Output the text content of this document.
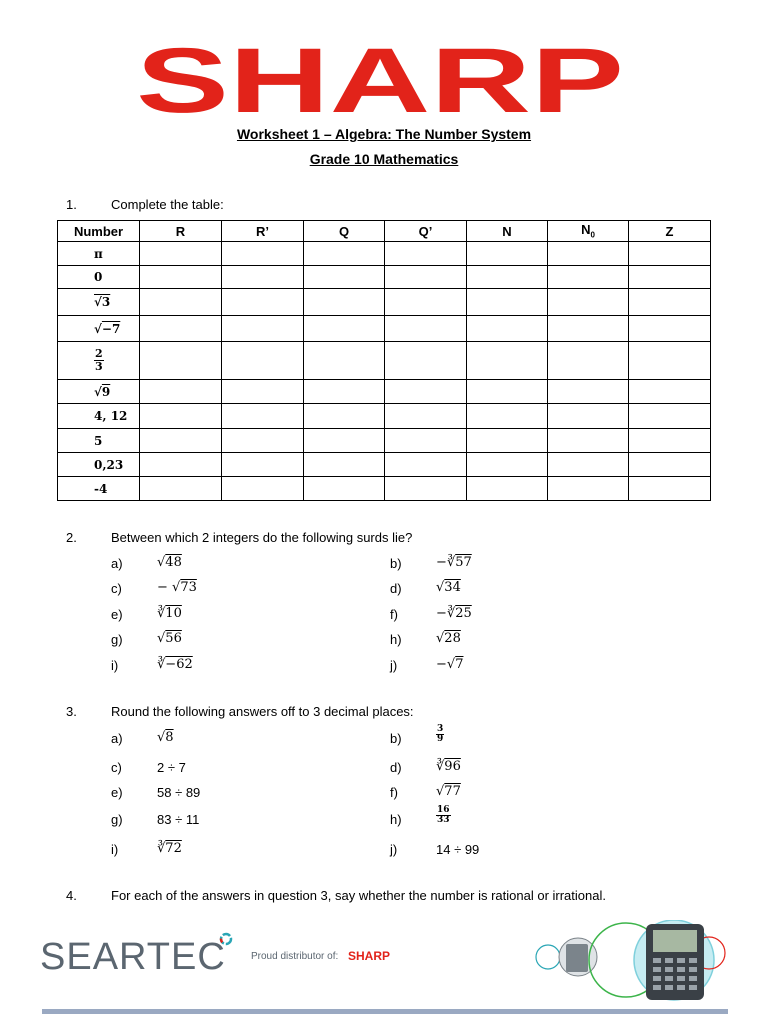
SHARP
Worksheet 1 – Algebra: The Number System
Grade 10 Mathematics
1.	Complete the table:
Number	R	R’	Q	Q’	N	$N_0$	Z
π							
0							
√3							
√−7							

$\frac{2}{3}$

√9							
4, 12							
5							
0,23							
-4							
2.	Between which 2 integers do the following surds lie?
a)	√48	b)	−∛57
c)	− √73	d)	√34
e)	∛10	f)	−∛25
g)	√56	h)	√28
i)	∛−62	j)	−√7
3.	Round the following answers off to 3 decimal places:
a)	√8	b)	$\frac{3}{9}$
c)	2 ÷ 7	d)	∛96
e)	58 ÷ 89	f)	√77
g)	83 ÷ 11	h)	$\frac{16}{33}$
i)	∛72	j)	14 ÷ 99
4.	For each of the answers in question 3, say whether the number is rational or irrational.
SEARTEC	Proud distributor of: SHARP
